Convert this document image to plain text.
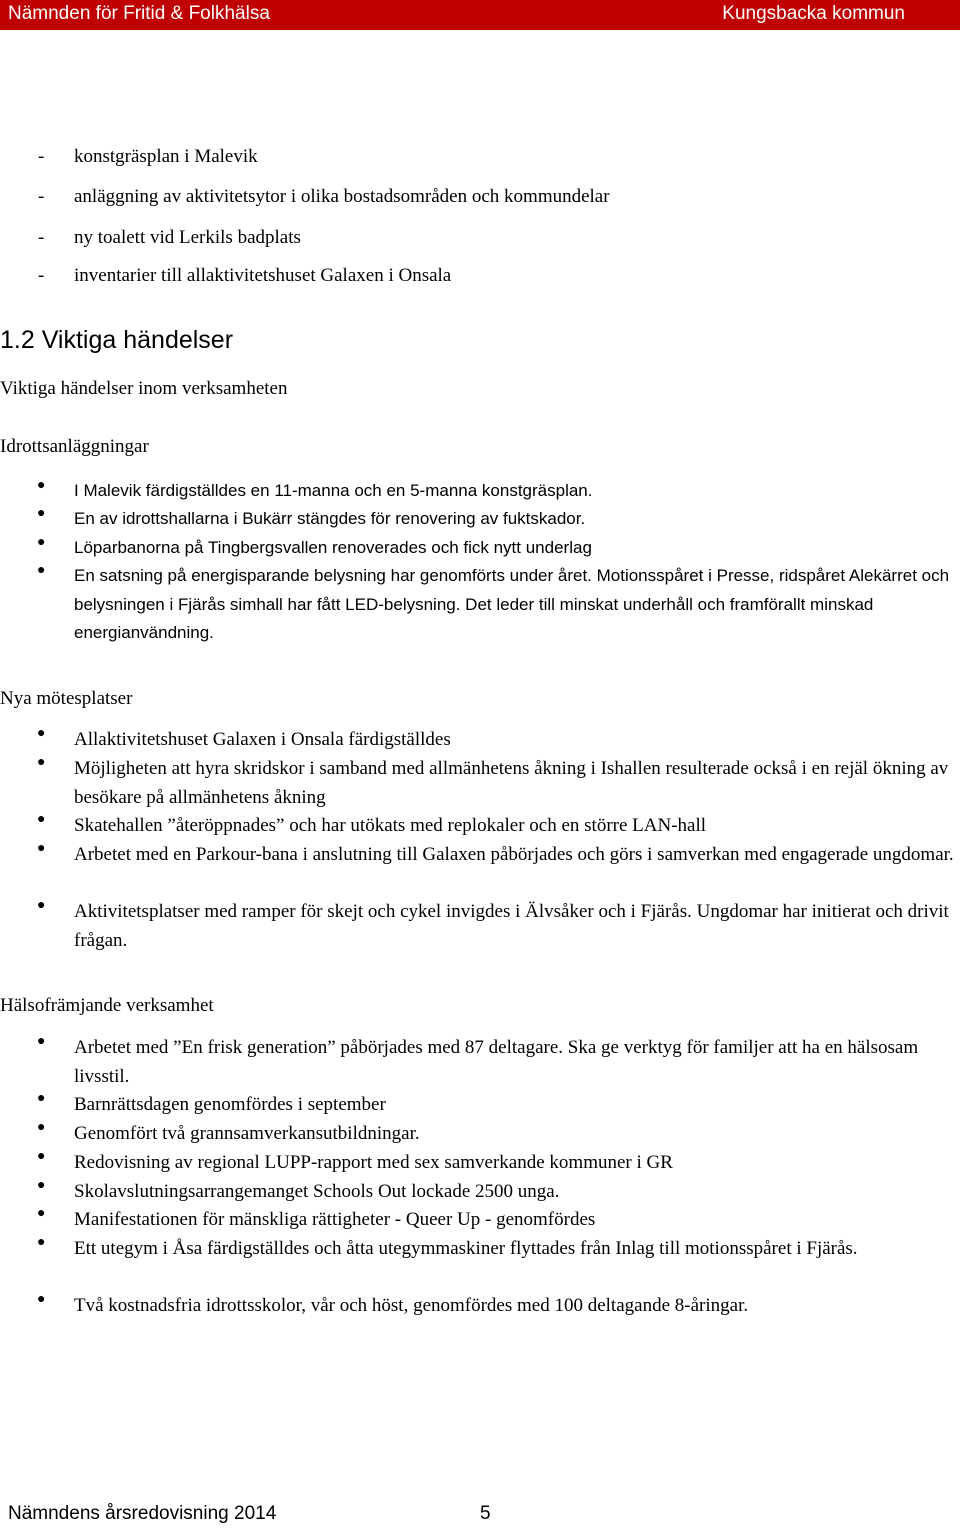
Nämnden för Fritid & Folkhälsa	Kungsbacka kommun
- konstgräsplan i Malevik
- anläggning av aktivitetsytor i olika bostadsområden och kommundelar
- ny toalett vid Lerkils badplats
- inventarier till allaktivitetshuset Galaxen i Onsala
1.2 Viktiga händelser
Viktiga händelser inom verksamheten
Idrottsanläggningar
● I Malevik färdigställdes en 11-manna och en 5-manna konstgräsplan.
● En av idrottshallarna i Bukärr stängdes för renovering av fuktskador.
● Löparbanorna på Tingbergsvallen renoverades och fick nytt underlag
● En satsning på energisparande belysning har genomförts under året. Motionsspåret i Presse, ridspåret Alekärret och belysningen i Fjärås simhall har fått LED-belysning. Det leder till minskat underhåll och framförallt minskad energianvändning.
Nya mötesplatser
● Allaktivitetshuset Galaxen i Onsala färdigställdes
● Möjligheten att hyra skridskor i samband med allmänhetens åkning i Ishallen resulterade också i en rejäl ökning av besökare på allmänhetens åkning
● Skatehallen ”återöppnades” och har utökats med replokaler och en större LAN-hall
● Arbetet med en Parkour-bana i anslutning till Galaxen påbörjades och görs i samverkan med engagerade ungdomar.
● Aktivitetsplatser med ramper för skejt och cykel invigdes i Älvsåker och i Fjärås. Ungdomar har initierat och drivit frågan.
Hälsofrämjande verksamhet
● Arbetet med ”En frisk generation” påbörjades med 87 deltagare. Ska ge verktyg för familjer att ha en hälsosam livsstil.
● Barnrättsdagen genomfördes i september
● Genomfört två grannsamverkansutbildningar.
● Redovisning av regional LUPP-rapport med sex samverkande kommuner i GR
● Skolavslutningsarrangemanget Schools Out lockade 2500 unga.
● Manifestationen för mänskliga rättigheter - Queer Up - genomfördes
● Ett utegym i Åsa färdigställdes och åtta utegymmaskiner flyttades från Inlag till motionsspåret i Fjärås.
● Två kostnadsfria idrottsskolor, vår och höst, genomfördes med 100 deltagande 8-åringar.
Nämndens årsredovisning 2014	5
